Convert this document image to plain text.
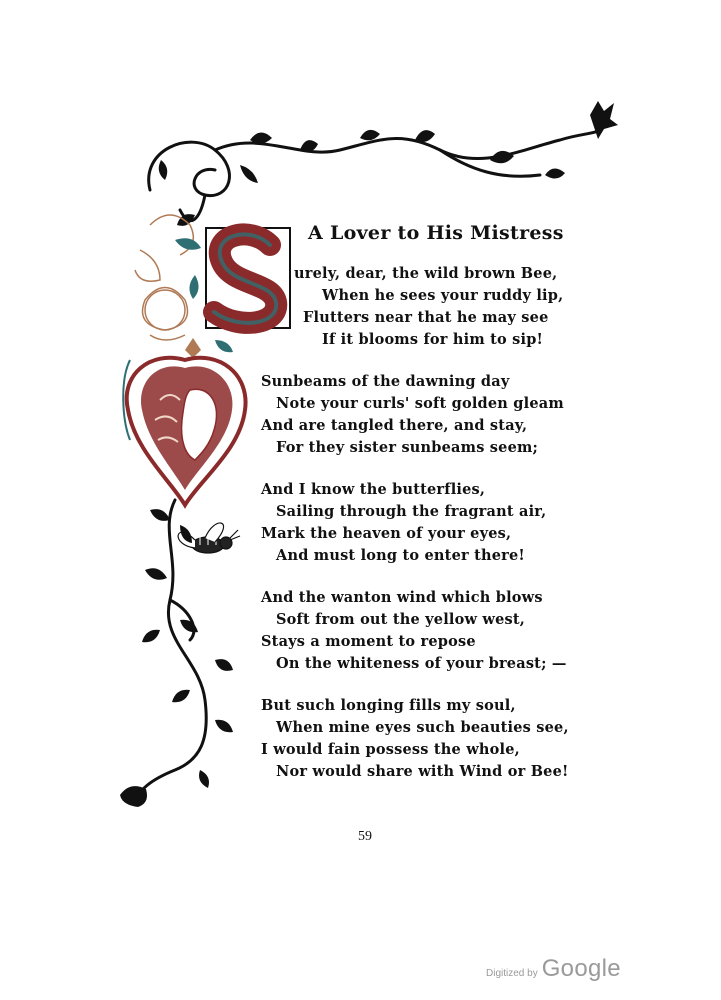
A Lover to His Mistress
urely, dear, the wild brown Bee,
When he sees your ruddy lip,
Flutters near that he may see
If it blooms for him to sip!
Sunbeams of the dawning day
Note your curls' soft golden gleam
And are tangled there, and stay,
For they sister sunbeams seem;
And I know the butterflies,
Sailing through the fragrant air,
Mark the heaven of your eyes,
And must long to enter there!
And the wanton wind which blows
Soft from out the yellow west,
Stays a moment to repose
On the whiteness of your breast; —
But such longing fills my soul,
When mine eyes such beauties see,
I would fain possess the whole,
Nor would share with Wind or Bee!
59
Digitized by Google
